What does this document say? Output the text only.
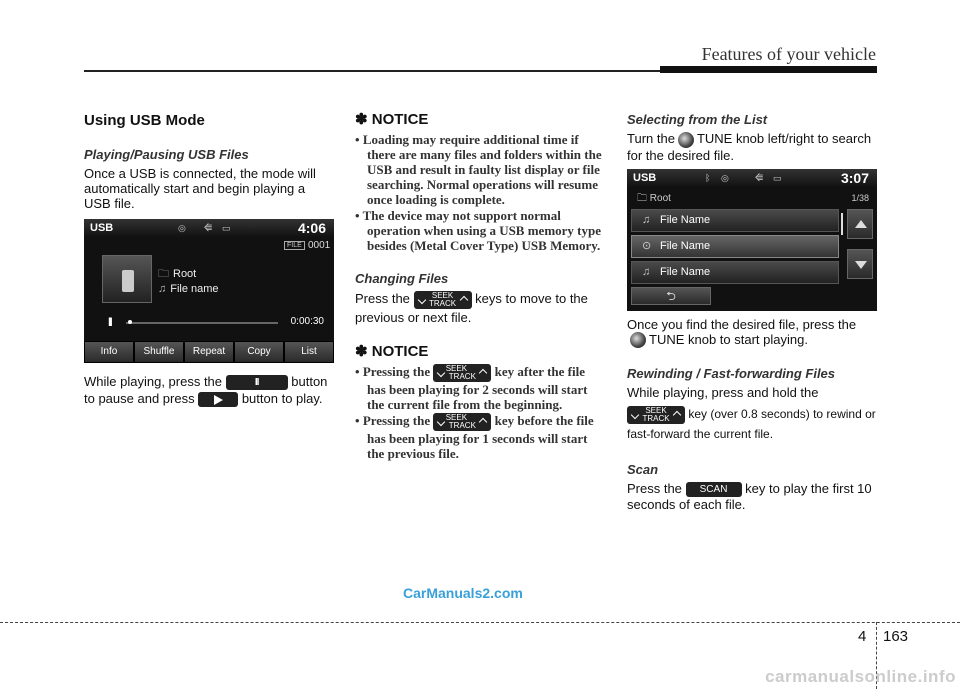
Features of your vehicle
Using USB Mode
Playing/Pausing USB Files
Once a USB is connected, the mode will automatically start and begin playing a USB file.
USB	◎ ⭅ ▭	4:06
FILE 0001
🗀 Root
♫ File name
II	0:00:30
Info	Shuffle	Repeat	Copy	List
While playing, press the	II	button to pause and press	button to play.
✽ NOTICE
• Loading may require additional time if there are many files and folders within the USB and result in faulty list display or file searching. Normal operations will resume once loading is complete.
• The device may not support normal operation when using a USB memory type besides (Metal Cover Type) USB Memory.
Changing Files
Press the	SEEK
TRACK keys to move to the previous or next file.
✽ NOTICE
• Pressing the SEEK
TRACK key after the file has been playing for 2 seconds will start the current file from the beginning.
• Pressing the SEEK
TRACK key before the file has been playing for 1 seconds will start the previous file.
Selecting from the List
Turn the TUNE knob left/right to search for the desired file.
USB	ᛒ ◎	⭅ ▭	3:07
🗀 Root	1/38
♫ File Name
⊙ File Name
♫ File Name
⮌
Once you find the desired file, press the
TUNE knob to start playing.
Rewinding / Fast-forwarding Files
While playing, press and hold the
SEEK
TRACK key (over 0.8 seconds) to rewind or fast-forward the current file.
Scan
Press the SCAN key to play the first 10 seconds of each file.
CarManuals2.com
4 163
carmanualsonline.info
